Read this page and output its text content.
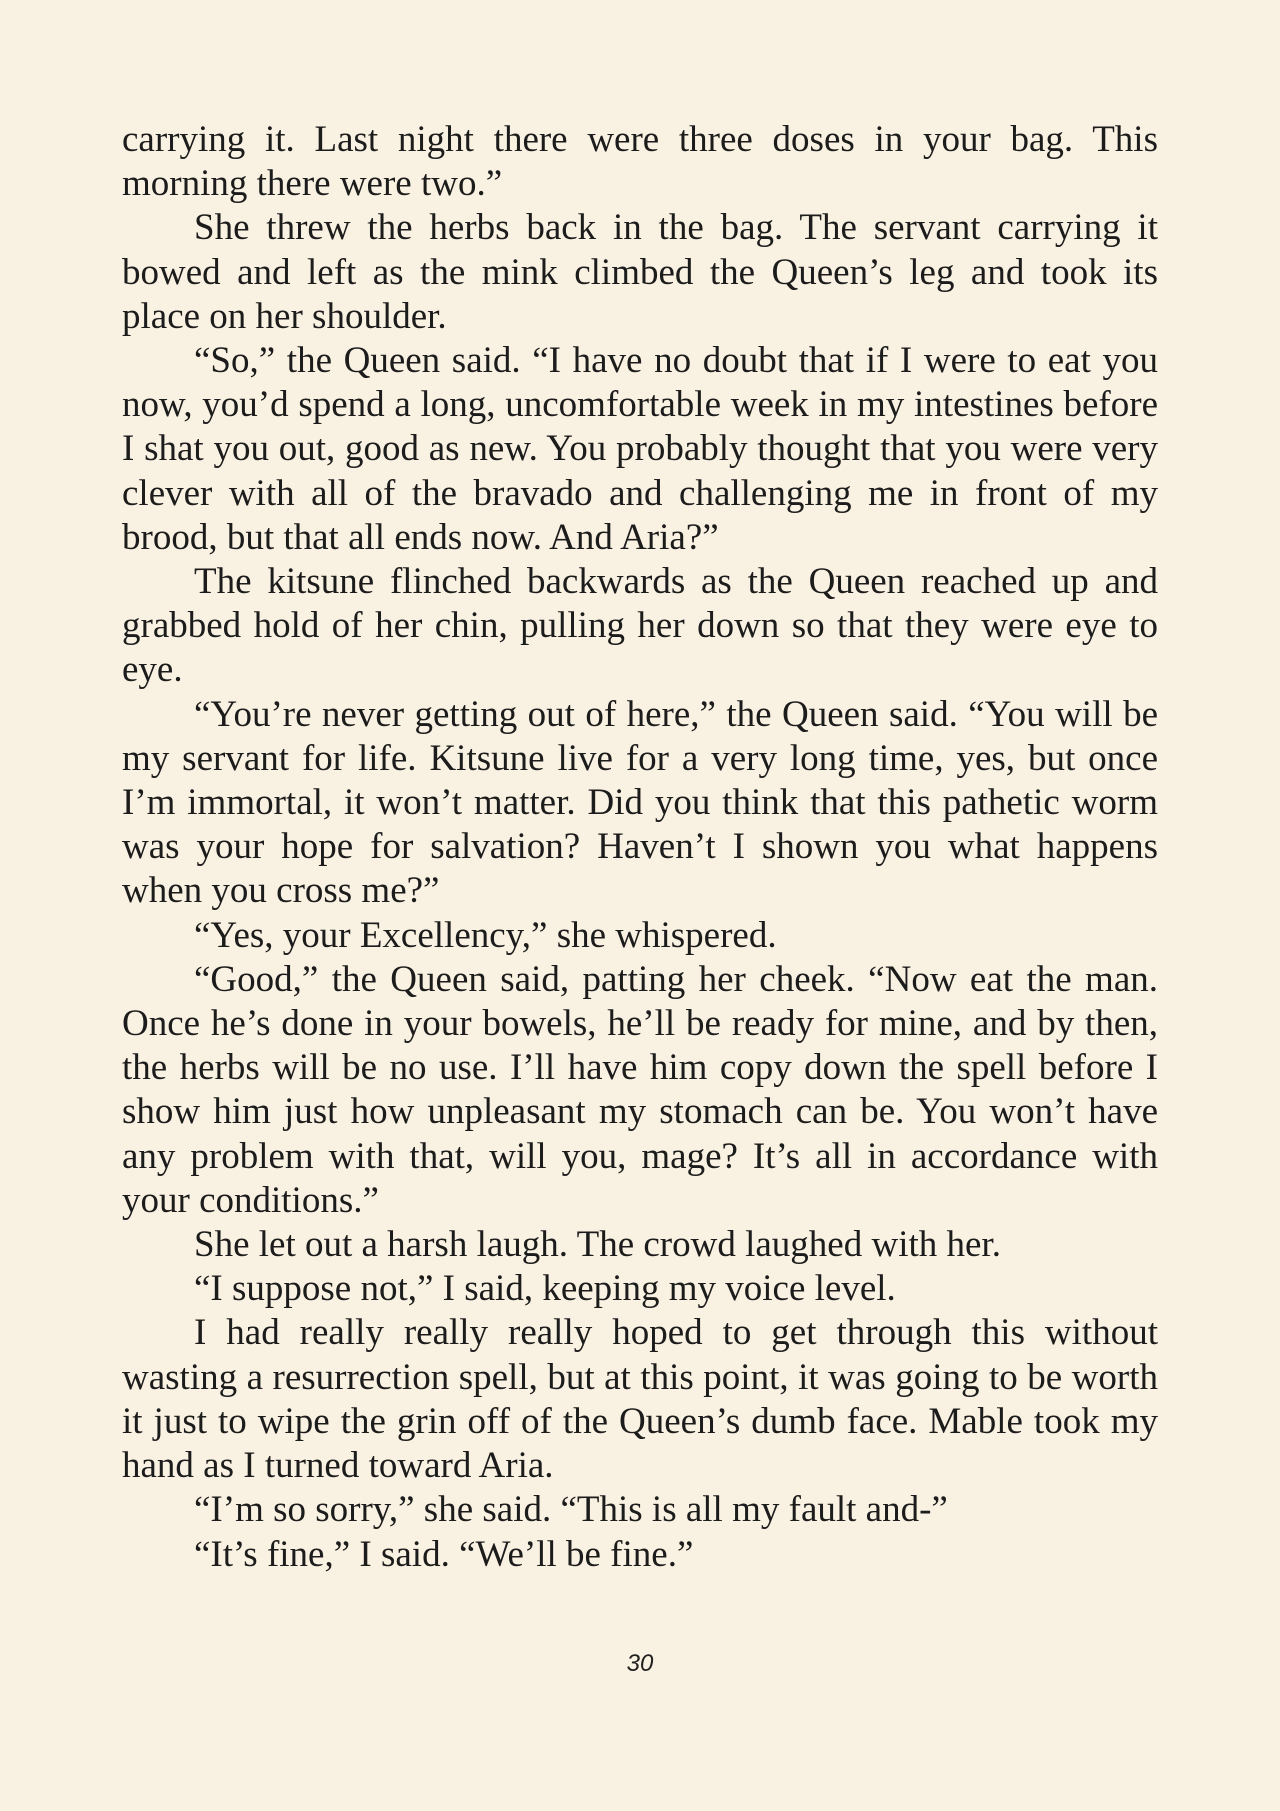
carrying it. Last night there were three doses in your bag. This morning there were two.”

She threw the herbs back in the bag. The servant carrying it bowed and left as the mink climbed the Queen’s leg and took its place on her shoulder.

“So,” the Queen said. “I have no doubt that if I were to eat you now, you’d spend a long, uncomfortable week in my intestines before I shat you out, good as new. You probably thought that you were very clever with all of the bravado and challenging me in front of my brood, but that all ends now. And Aria?”

The kitsune flinched backwards as the Queen reached up and grabbed hold of her chin, pulling her down so that they were eye to eye.

“You’re never getting out of here,” the Queen said. “You will be my servant for life. Kitsune live for a very long time, yes, but once I’m immortal, it won’t matter. Did you think that this pathetic worm was your hope for salvation? Haven’t I shown you what happens when you cross me?”

“Yes, your Excellency,” she whispered.

“Good,” the Queen said, patting her cheek. “Now eat the man. Once he’s done in your bowels, he’ll be ready for mine, and by then, the herbs will be no use. I’ll have him copy down the spell before I show him just how unpleasant my stomach can be. You won’t have any problem with that, will you, mage? It’s all in accordance with your conditions.”

She let out a harsh laugh. The crowd laughed with her.

“I suppose not,” I said, keeping my voice level.

I had really really really hoped to get through this without wasting a resurrection spell, but at this point, it was going to be worth it just to wipe the grin off of the Queen’s dumb face. Mable took my hand as I turned toward Aria.

“I’m so sorry,” she said. “This is all my fault and-”

“It’s fine,” I said. “We’ll be fine.”

30
